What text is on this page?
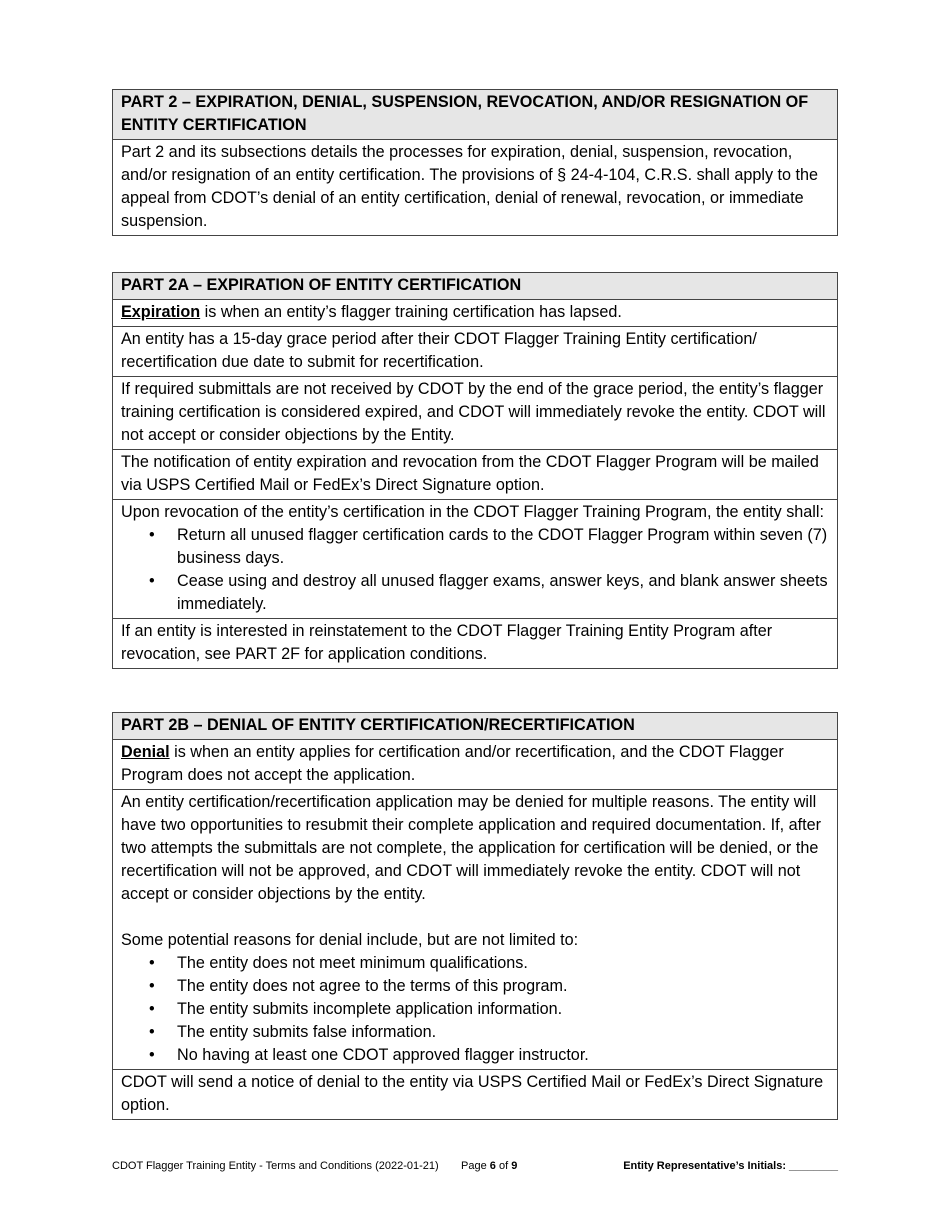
PART 2 – EXPIRATION, DENIAL, SUSPENSION, REVOCATION, AND/OR RESIGNATION OF ENTITY CERTIFICATION
Part 2 and its subsections details the processes for expiration, denial, suspension, revocation, and/or resignation of an entity certification. The provisions of § 24-4-104, C.R.S. shall apply to the appeal from CDOT’s denial of an entity certification, denial of renewal, revocation, or immediate suspension.
PART 2A – EXPIRATION OF ENTITY CERTIFICATION
Expiration is when an entity’s flagger training certification has lapsed.
An entity has a 15-day grace period after their CDOT Flagger Training Entity certification/ recertification due date to submit for recertification.
If required submittals are not received by CDOT by the end of the grace period, the entity’s flagger training certification is considered expired, and CDOT will immediately revoke the entity. CDOT will not accept or consider objections by the Entity.
The notification of entity expiration and revocation from the CDOT Flagger Program will be mailed via USPS Certified Mail or FedEx’s Direct Signature option.
Upon revocation of the entity’s certification in the CDOT Flagger Training Program, the entity shall:
• Return all unused flagger certification cards to the CDOT Flagger Program within seven (7) business days.
• Cease using and destroy all unused flagger exams, answer keys, and blank answer sheets immediately.
If an entity is interested in reinstatement to the CDOT Flagger Training Entity Program after revocation, see PART 2F for application conditions.
PART 2B – DENIAL OF ENTITY CERTIFICATION/RECERTIFICATION
Denial is when an entity applies for certification and/or recertification, and the CDOT Flagger Program does not accept the application.
An entity certification/recertification application may be denied for multiple reasons. The entity will have two opportunities to resubmit their complete application and required documentation. If, after two attempts the submittals are not complete, the application for certification will be denied, or the recertification will not be approved, and CDOT will immediately revoke the entity. CDOT will not accept or consider objections by the entity.
Some potential reasons for denial include, but are not limited to:
• The entity does not meet minimum qualifications.
• The entity does not agree to the terms of this program.
• The entity submits incomplete application information.
• The entity submits false information.
• No having at least one CDOT approved flagger instructor.
CDOT will send a notice of denial to the entity via USPS Certified Mail or FedEx’s Direct Signature option.
CDOT Flagger Training Entity - Terms and Conditions (2022-01-21) Page 6 of 9	Entity Representative’s Initials: ________
